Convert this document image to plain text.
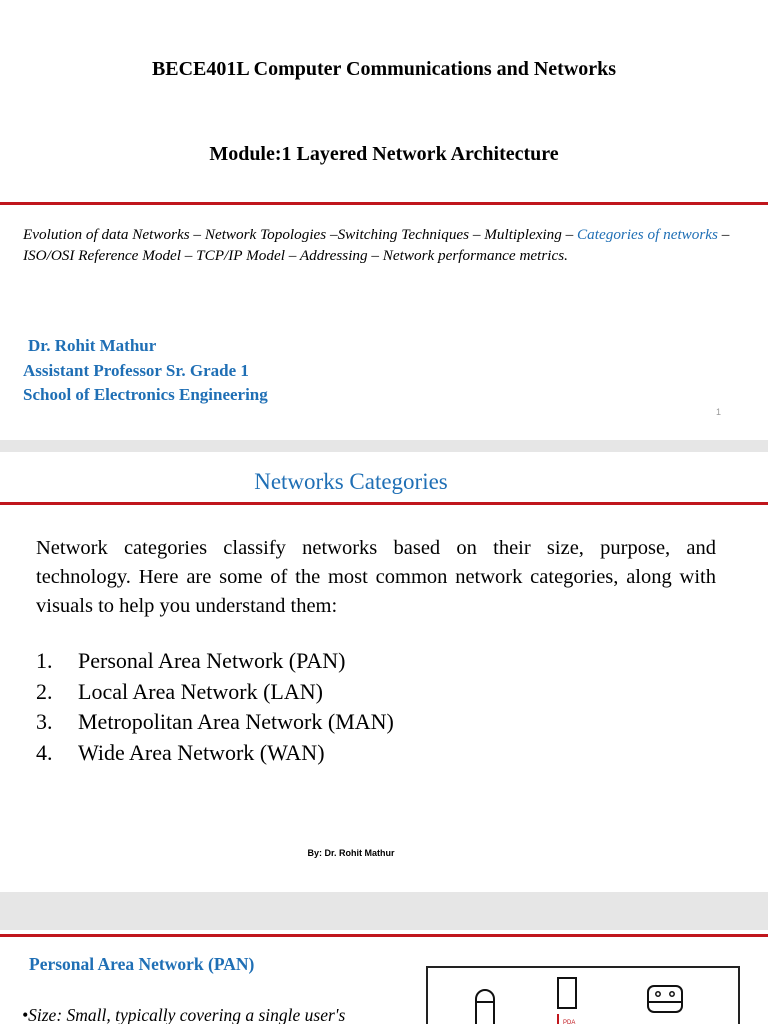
BECE401L Computer Communications and Networks
Module:1 Layered Network Architecture
Evolution of data Networks – Network Topologies –Switching Techniques – Multiplexing – Categories of networks – ISO/OSI Reference Model – TCP/IP Model – Addressing – Network performance metrics.
Dr. Rohit Mathur
Assistant Professor Sr. Grade 1
School of Electronics Engineering
1
Networks Categories
Network categories classify networks based on their size, purpose, and technology. Here are some of the most common network categories, along with visuals to help you understand them:
1.	Personal Area Network (PAN)
2.	Local Area Network (LAN)
3.	Metropolitan Area Network (MAN)
4.	Wide Area Network (WAN)
By: Dr. Rohit Mathur
Personal Area Network (PAN)
•Size: Small, typically covering a single user's	PDA
